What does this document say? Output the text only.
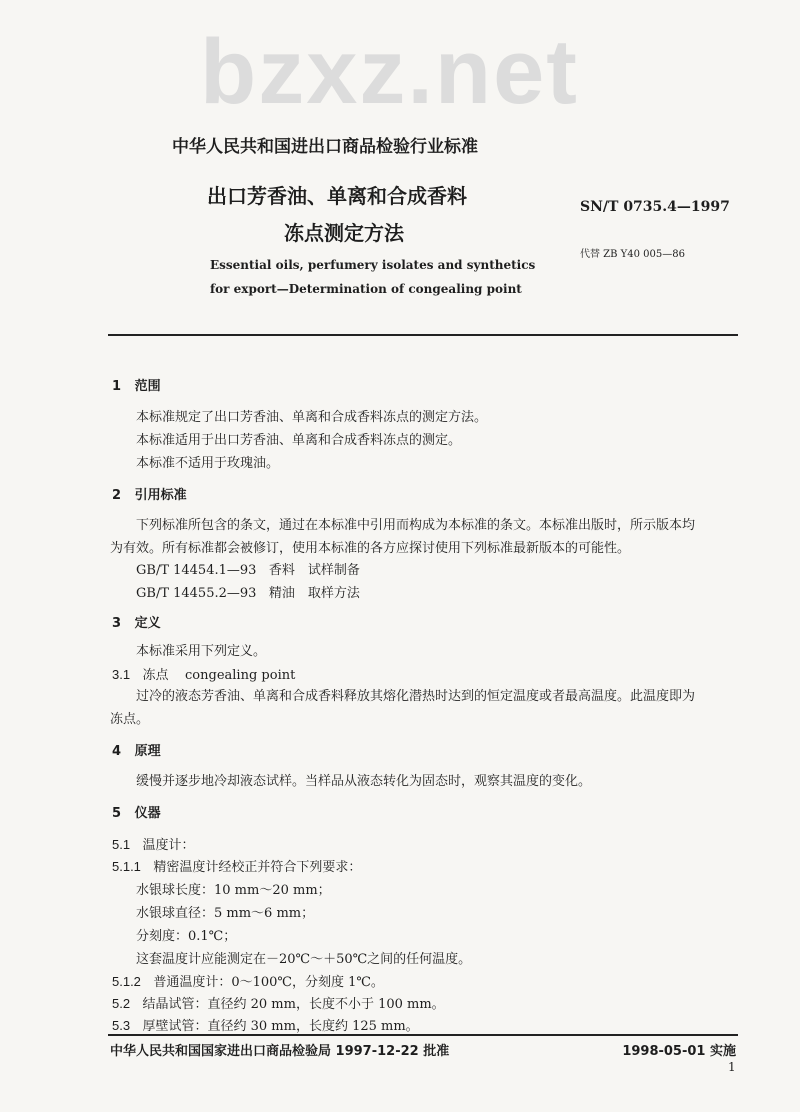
bzxz.net
中华人民共和国进出口商品检验行业标准
出口芳香油、单离和合成香料
冻点测定方法
SN/T 0735.4—1997
代替 ZB Y40 005—86
Essential oils, perfumery isolates and synthetics
for export—Determination of congealing point
1 范围
本标准规定了出口芳香油、单离和合成香料冻点的测定方法。
本标准适用于出口芳香油、单离和合成香料冻点的测定。
本标准不适用于玫瑰油。
2 引用标准
下列标准所包含的条文，通过在本标准中引用而构成为本标准的条文。本标准出版时，所示版本均
为有效。所有标准都会被修订，使用本标准的各方应探讨使用下列标准最新版本的可能性。
GB/T 14454.1—93 香料　试样制备
GB/T 14455.2—93 精油　取样方法
3 定义
本标准采用下列定义。
3.1 冻点 congealing point
过冷的液态芳香油、单离和合成香料释放其熔化潜热时达到的恒定温度或者最高温度。此温度即为
冻点。
4 原理
缓慢并逐步地冷却液态试样。当样品从液态转化为固态时，观察其温度的变化。
5 仪器
5.1 温度计：
5.1.1 精密温度计经校正并符合下列要求：
水银球长度：10 mm～20 mm；
水银球直径：5 mm～6 mm；
分刻度：0.1℃；
这套温度计应能测定在－20℃～＋50℃之间的任何温度。
5.1.2 普通温度计：0～100℃，分刻度 1℃。
5.2 结晶试管：直径约 20 mm，长度不小于 100 mm。
5.3 厚壁试管：直径约 30 mm，长度约 125 mm。
中华人民共和国国家进出口商品检验局 1997-12-22 批准	1998-05-01 实施
1
